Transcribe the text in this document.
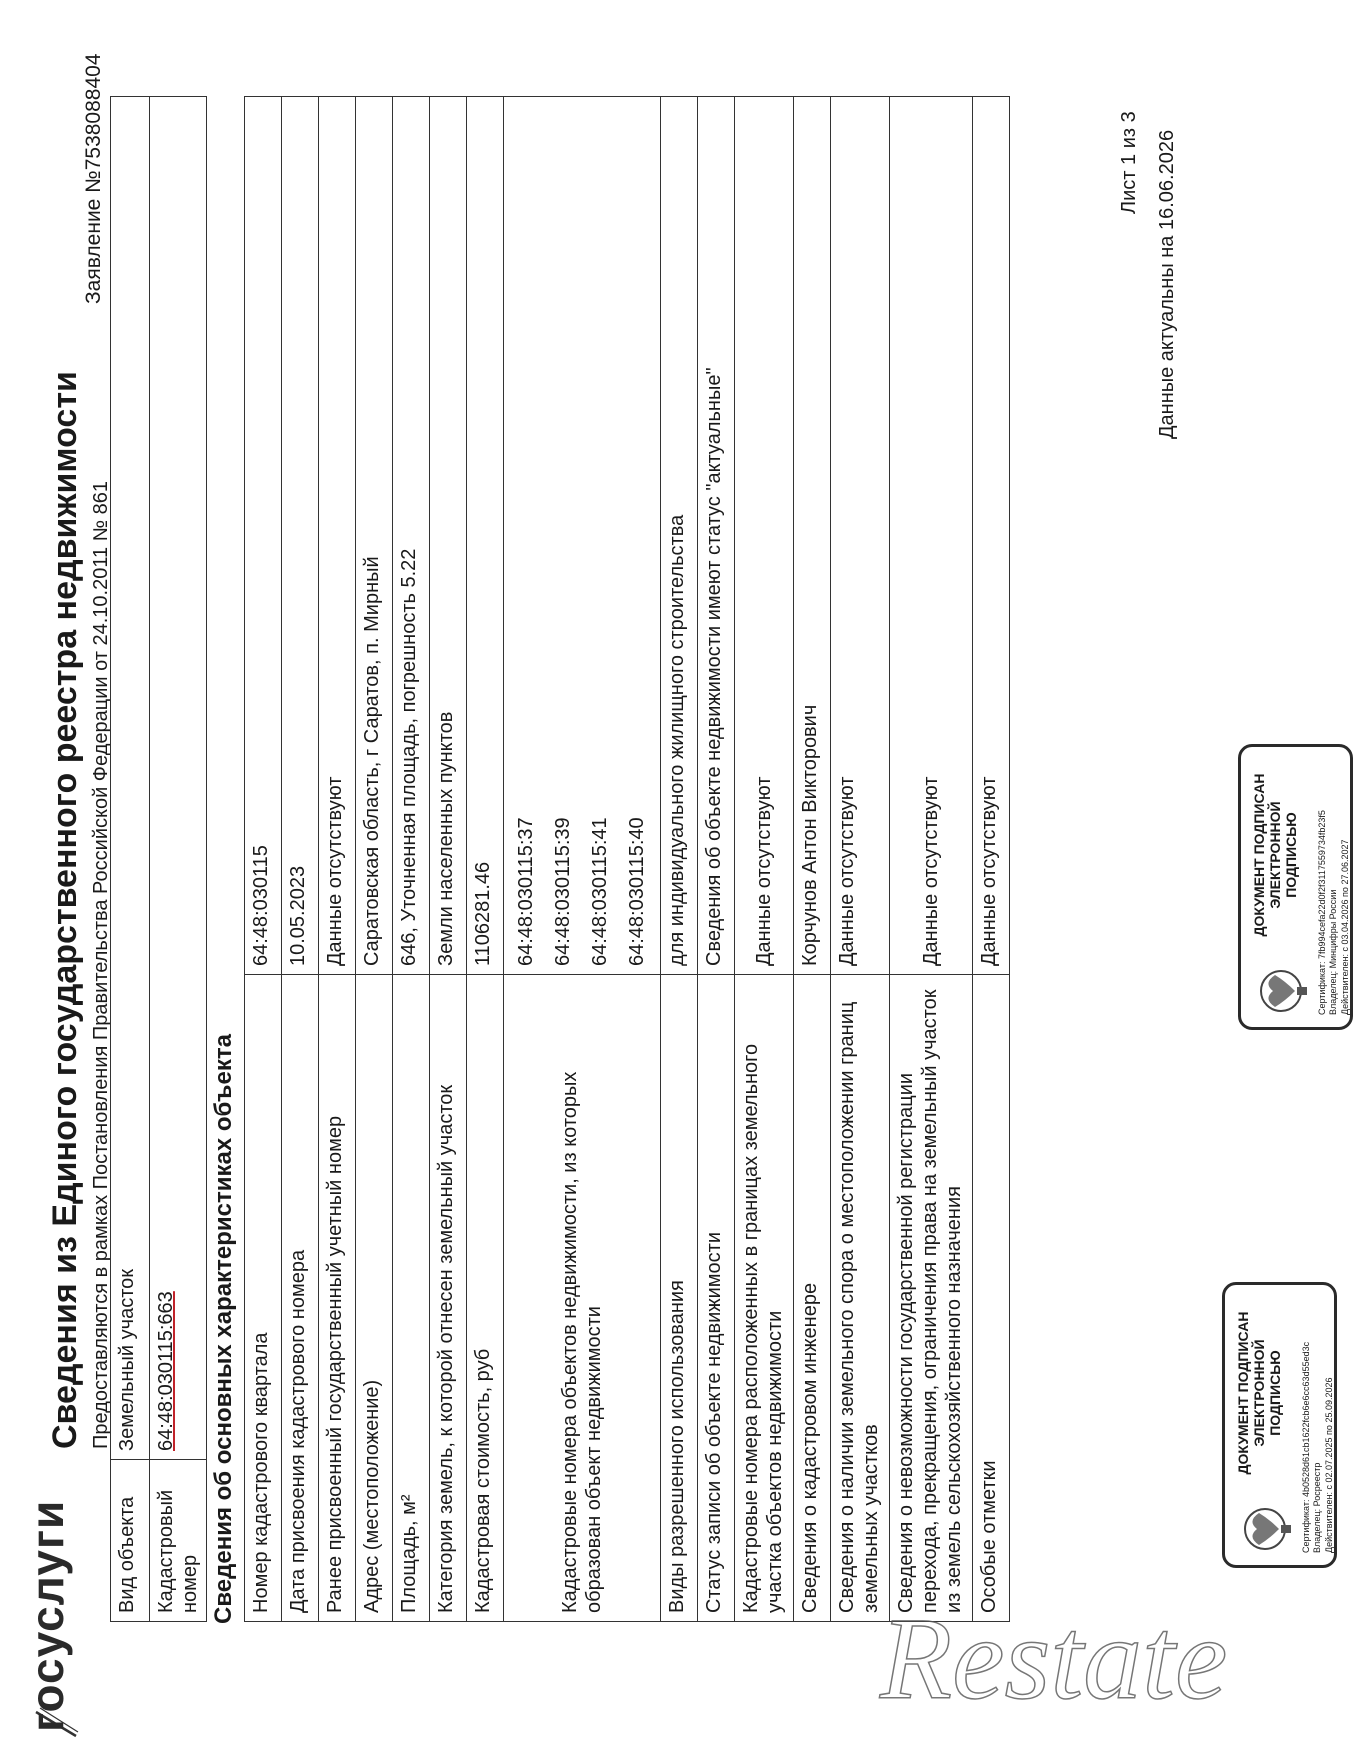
госуслуги
Сведения из Единого государственного реестра недвижимости Предоставляются в рамках Постановления Правительства Российской Федерации от 24.10.2011 № 861
Заявление №7538088404
Вид объекта	Земельный участок
Кадастровый номер	64:48:030115:663 Сведения об основных характеристиках объекта Номер кадастрового квартала	64:48:030115
Дата присвоения кадастрового номера	10.05.2023
Ранее присвоенный государственный учетный номер	Данные отсутствуют
Адрес (местоположение)	Саратовская область, г Саратов, п. Мирный
Площадь, м²	646, Уточненная площадь, погрешность 5.22
Категория земель, к которой отнесен земельный участок	Земли населенных пунктов
Кадастровая стоимость, руб	1106281.46
Кадастровые номера объектов недвижимости, из которых образован объект недвижимости	64:48:030115:37 64:48:030115:39 64:48:030115:41 64:48:030115:40

Виды разрешенного использования	для индивидуального жилищного строительства
Статус записи об объекте недвижимости	Сведения об объекте недвижимости имеют статус "актуальные"
Кадастровые номера расположенных в границах земельного участка объектов недвижимости	Данные отсутствуют
Сведения о кадастровом инженере	Корчунов Антон Викторович
Сведения о наличии земельного спора о местоположении границ земельных участков	Данные отсутствуют
Сведения о невозможности государственной регистрации перехода, прекращения, ограничения права на земельный участок из земель сельскохозяйственного назначения	Данные отсутствуют
Особые отметки	Данные отсутствуют
ДОКУМЕНТ ПОДПИСАН ЭЛЕКТРОННОЙ ПОДПИСЬЮ Сертификат: 4b0528d61cb1622fcb6e6cc63d55ed3c Владелец: Росреестр Действителен: с 02.07.2025 по 25.09.2026
ДОКУМЕНТ ПОДПИСАН ЭЛЕКТРОННОЙ ПОДПИСЬЮ Сертификат: 7fb994cefa22d0f2f3117559734fb23f5 Владелец: Минцифры России Действителен: с 03.04.2026 по 27.06.2027
Лист 1 из 3 Данные актуальны на 16.06.2026
Restate
